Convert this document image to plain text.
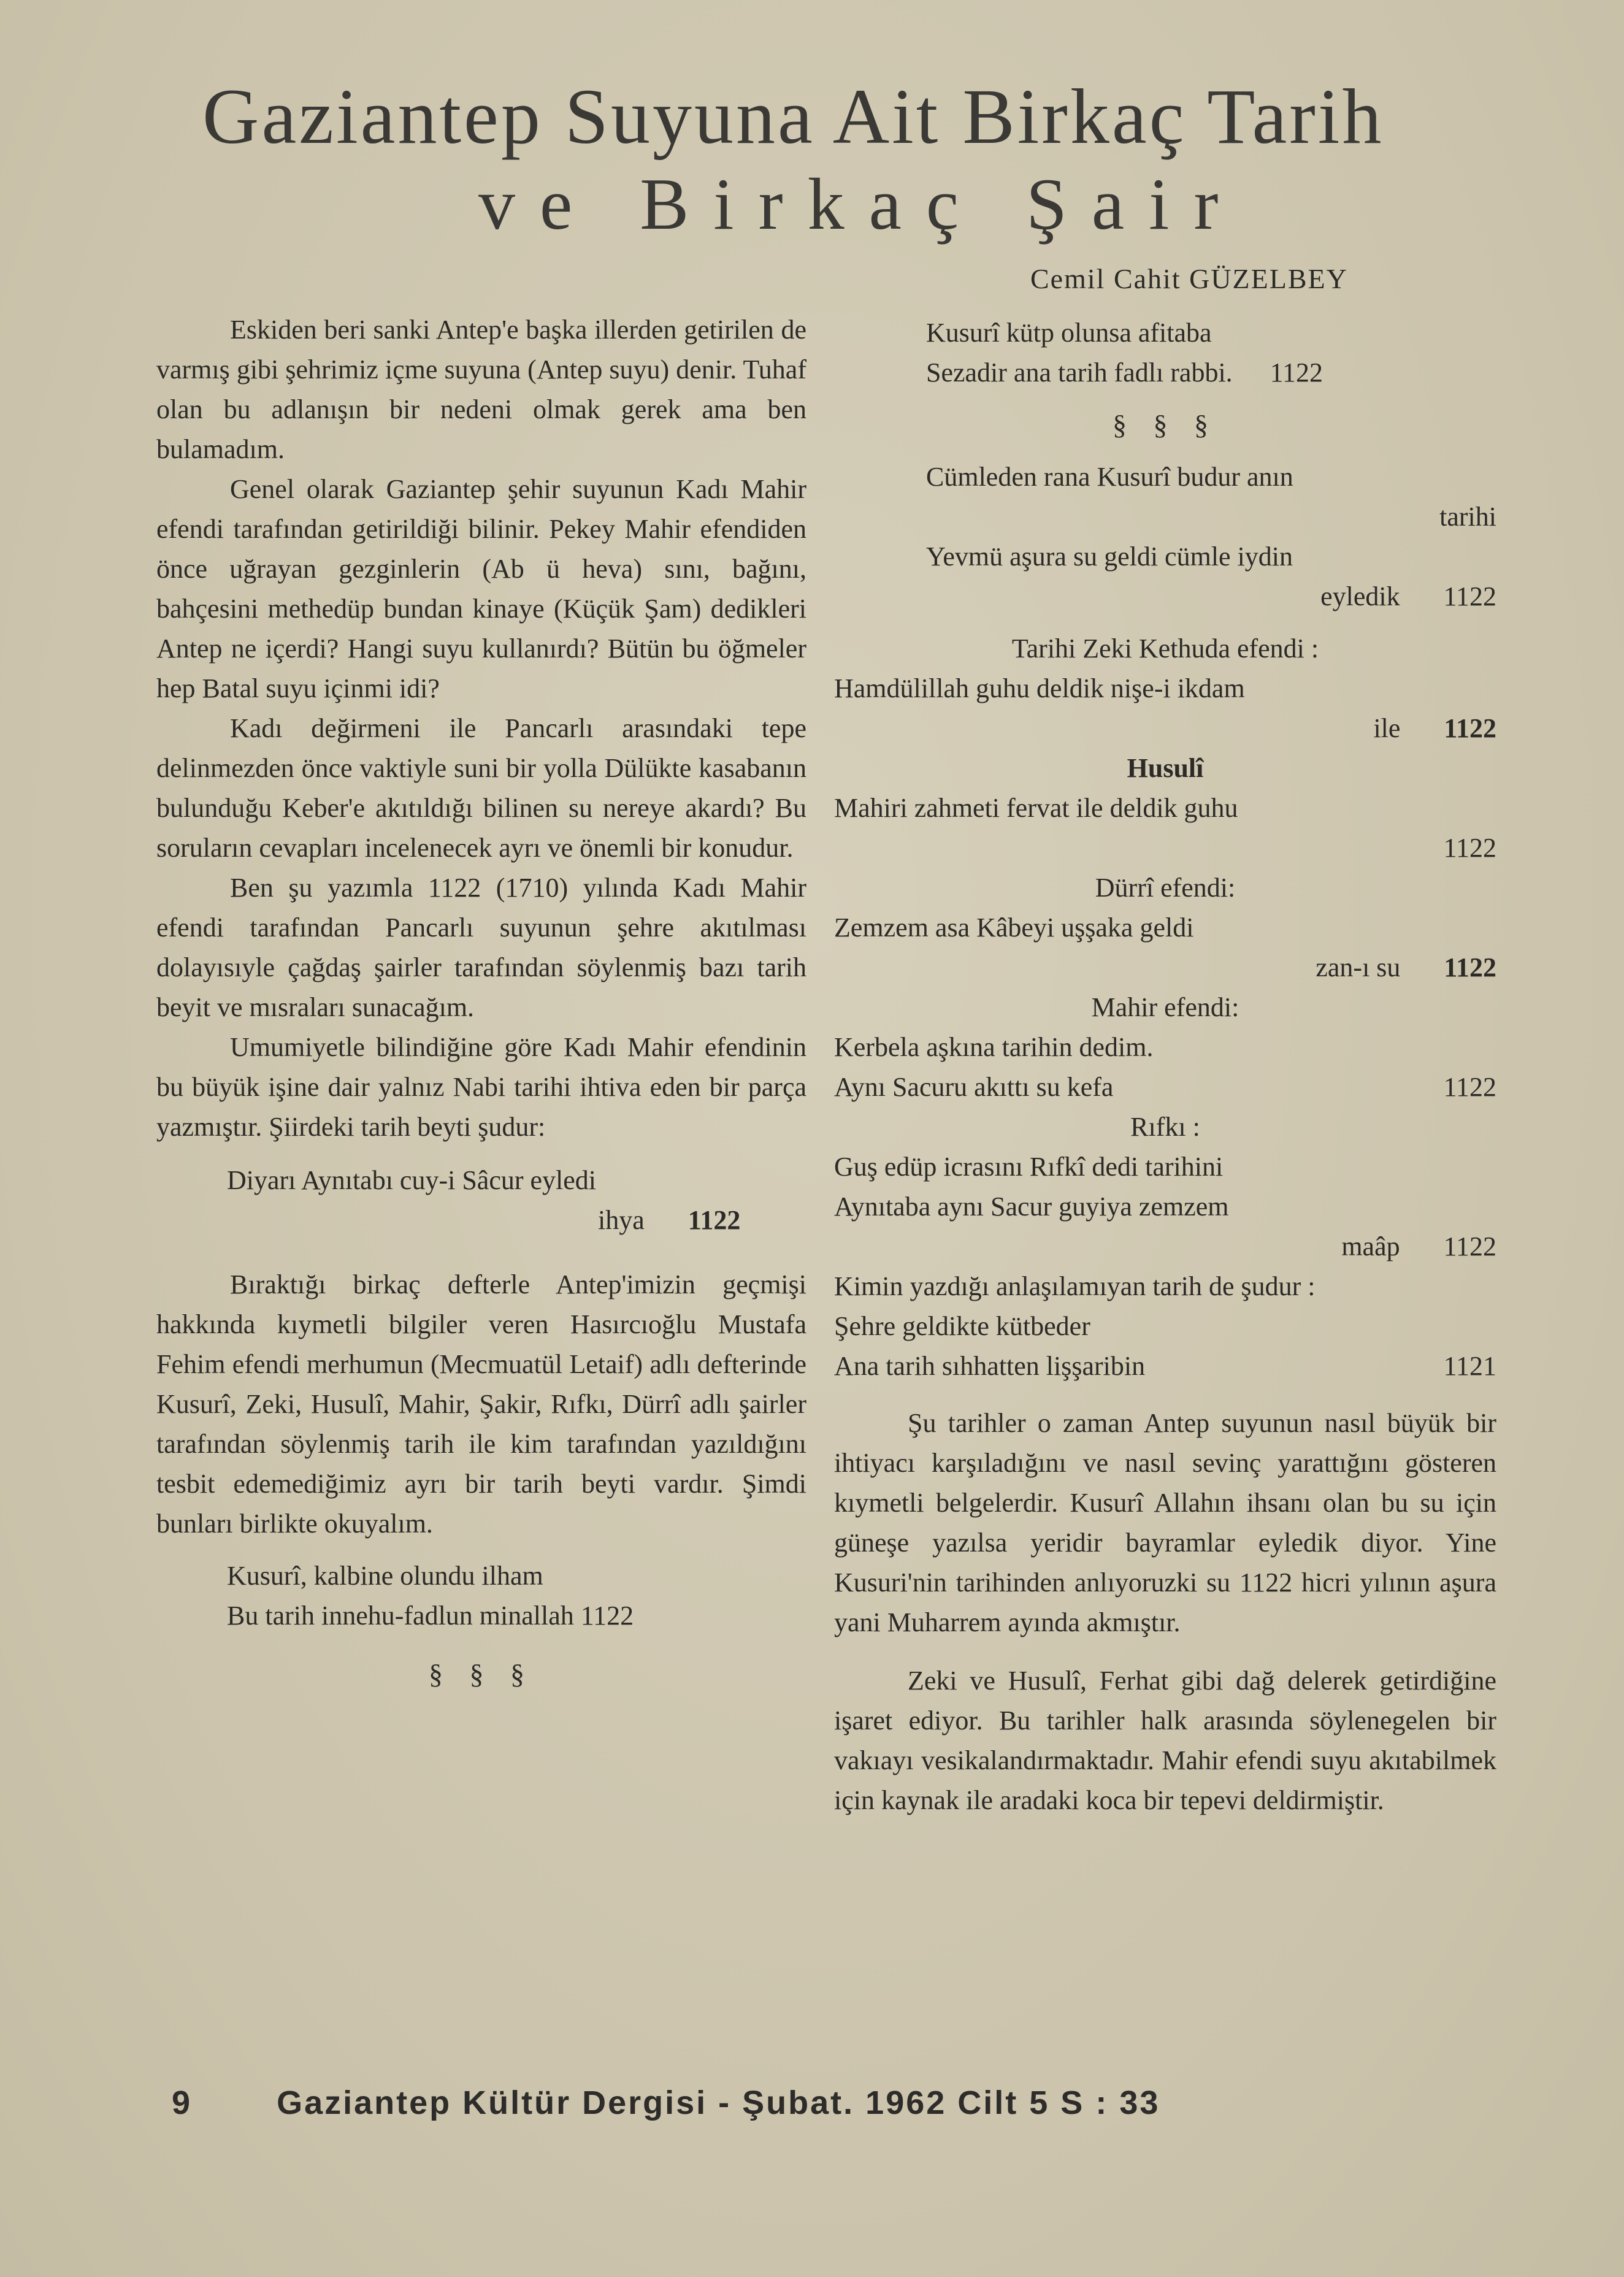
Gaziantep Suyuna Ait Birkaç Tarih
ve Birkaç Şair
Cemil Cahit GÜZELBEY

Eskiden beri sanki Antep'e başka illerden getirilen de varmış gibi şehrimiz içme suyuna (Antep suyu) denir. Tuhaf olan bu adlanışın bir nedeni olmak gerek ama ben bulamadım.

Genel olarak Gaziantep şehir suyunun Kadı Mahir efendi tarafından getirildiği bilinir. Pekey Mahir efendiden önce uğrayan gezginlerin (Ab ü heva) sını, bağını, bahçesini methedüp bundan kinaye (Küçük Şam) dedikleri Antep ne içerdi? Hangi suyu kullanırdı? Bütün bu öğmeler hep Batal suyu içinmi idi?

Kadı değirmeni ile Pancarlı arasındaki tepe delinmezden önce vaktiyle suni bir yolla Dülükte kasabanın bulunduğu Keber'e akıtıldığı bilinen su nereye akardı? Bu soruların cevapları incelenecek ayrı ve önemli bir konudur.

Ben şu yazımla 1122 (1710) yılında Kadı Mahir efendi tarafından Pancarlı suyunun şehre akıtılması dolayısıyle çağdaş şairler tarafından söylenmiş bazı tarih beyit ve mısraları sunacağım.

Umumiyetle bilindiğine göre Kadı Mahir efendinin bu büyük işine dair yalnız Nabi tarihi ihtiva eden bir parça yazmıştır. Şiirdeki tarih beyti şudur:

Diyarı Aynıtabı cuy-i Sâcur eyledi
ihya 1122

Bıraktığı birkaç defterle Antep'imizin geçmişi hakkında kıymetli bilgiler veren Hasırcıoğlu Mustafa Fehim efendi merhumun (Mecmuatül Letaif) adlı defterinde Kusurî, Zeki, Husulî, Mahir, Şakir, Rıfkı, Dürrî adlı şairler tarafından söylenmiş tarih ile kim tarafından yazıldığını tesbit edemediğimiz ayrı bir tarih beyti vardır. Şimdi bunları birlikte okuyalım.

Kusurî, kalbine olundu ilham
Bu tarih innehu-fadlun minallah 1122
§ § §
Kusurî kütp olunsa afitaba
Sezadir ana tarih fadlı rabbi. 1122
§ § §
Cümleden rana Kusurî budur anın
tarihi
Yevmü aşura su geldi cümle iydin
eyledik 1122
Tarihi Zeki Kethuda efendi :
Hamdülillah guhu deldik nişe-i ikdam
ile 1122
Husulî
Mahiri zahmeti fervat ile deldik guhu
1122
Dürrî efendi:
Zemzem asa Kâbeyi uşşaka geldi
zan-ı su 1122
Mahir efendi:
Kerbela aşkına tarihin dedim.
Aynı Sacuru akıttı su kefa	1122
Rıfkı :
Guş edüp icrasını Rıfkî dedi tarihini
Aynıtaba aynı Sacur guyiya zemzem
maâp 1122

Kimin yazdığı anlaşılamıyan tarih de şudur :

Şehre geldikte kütbeder
Ana tarih sıhhatten lişşaribin	1121

Şu tarihler o zaman Antep suyunun nasıl büyük bir ihtiyacı karşıladığını ve nasıl sevinç yarattığını gösteren kıymetli belgelerdir. Kusurî Allahın ihsanı olan bu su için güneşe yazılsa yeridir bayramlar eyledik diyor. Yine Kusuri'nin tarihinden anlıyoruzki su 1122 hicri yılının aşura yani Muharrem ayında akmıştır.

Zeki ve Husulî, Ferhat gibi dağ delerek getirdiğine işaret ediyor. Bu tarihler halk arasında söylenegelen bir vakıayı vesikalandırmaktadır. Mahir efendi suyu akıtabilmek için kaynak ile aradaki koca bir tepevi deldirmiştir.

9	Gaziantep Kültür Dergisi - Şubat. 1962 Cilt 5 S : 33
